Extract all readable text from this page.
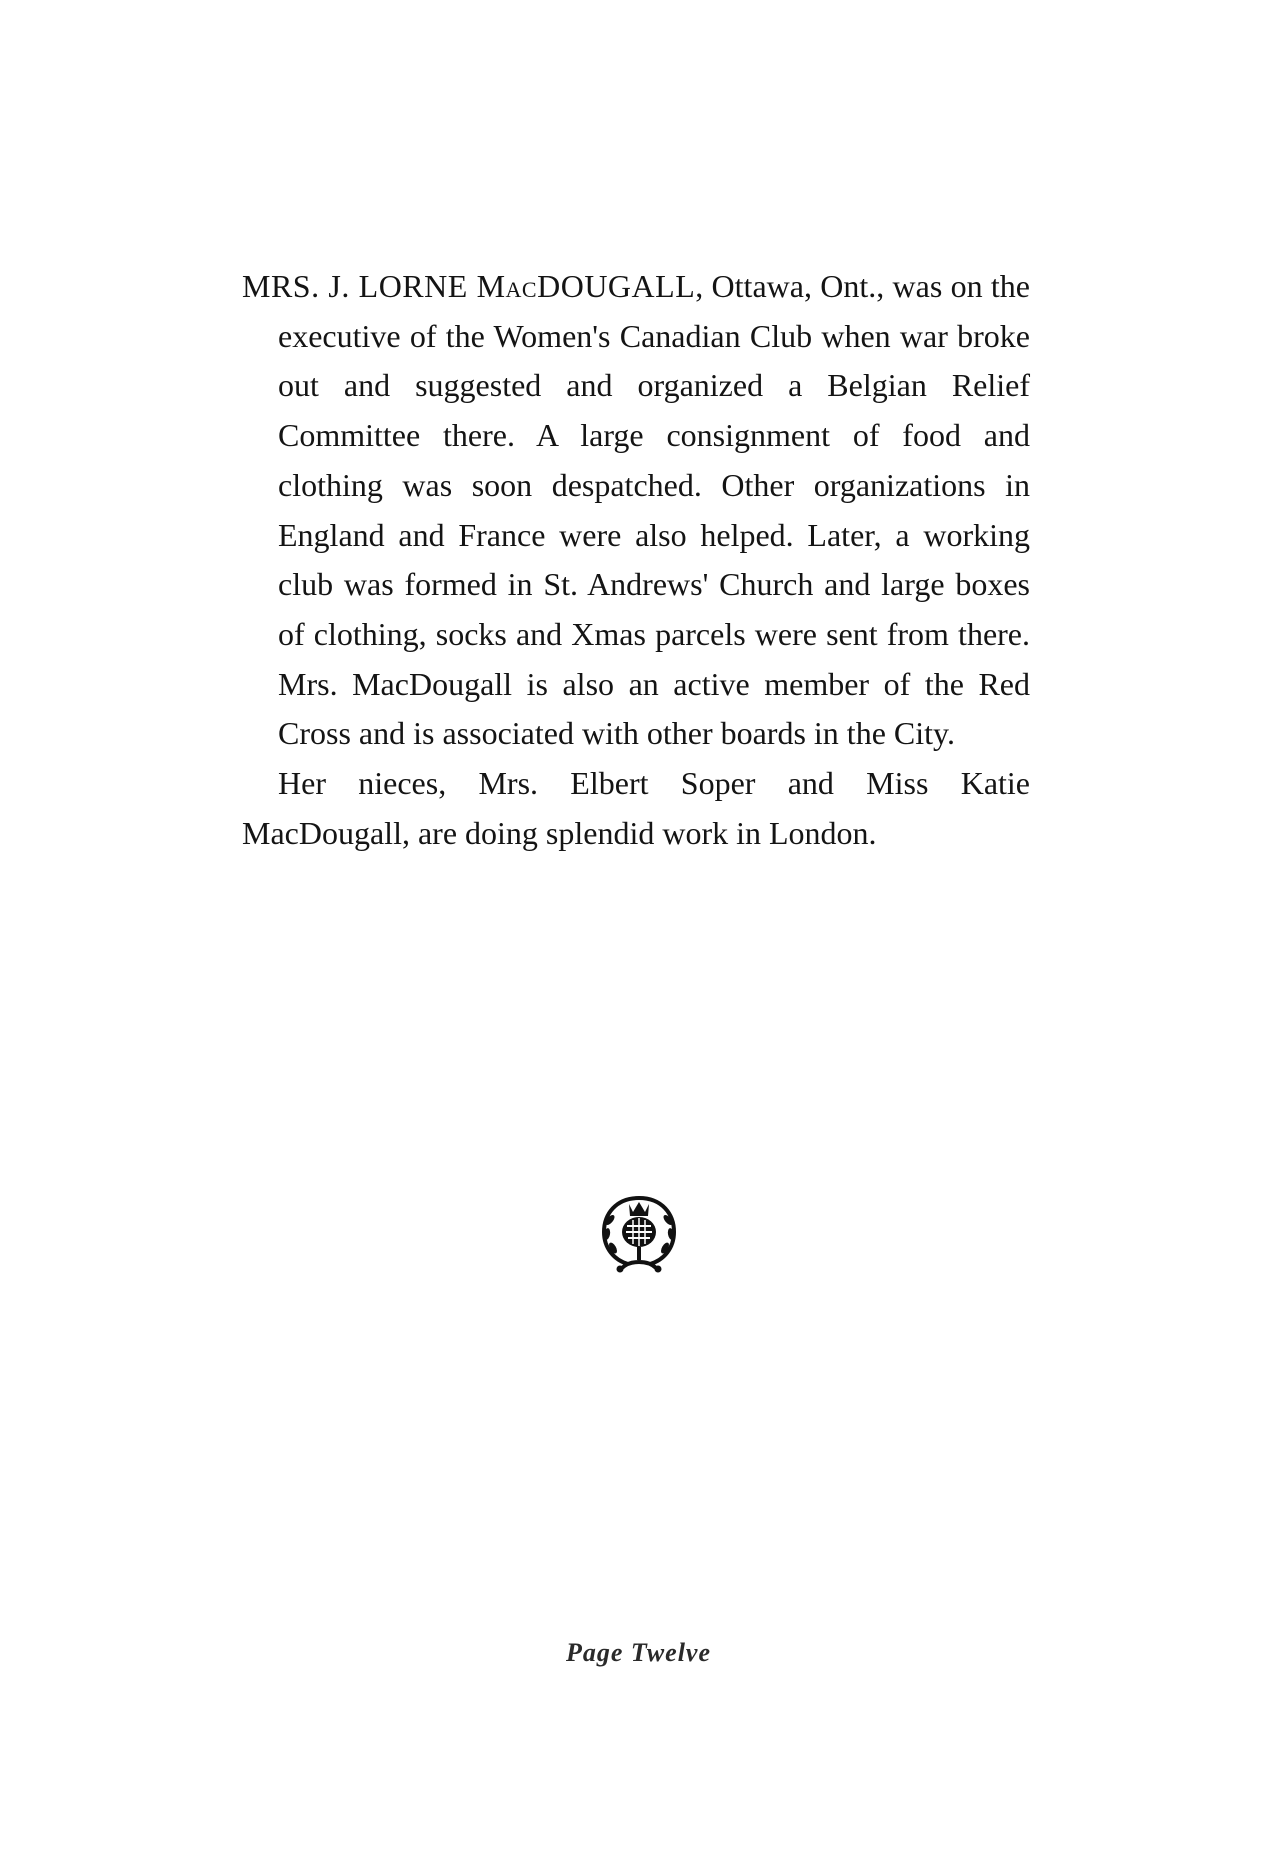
MRS. J. LORNE MacDOUGALL, Ottawa, Ont., was on the executive of the Women's Canadian Club when war broke out and suggested and organized a Belgian Relief Committee there. A large consignment of food and clothing was soon despatched. Other organizations in England and France were also helped. Later, a working club was formed in St. Andrews' Church and large boxes of clothing, socks and Xmas parcels were sent from there. Mrs. MacDougall is also an active member of the Red Cross and is associated with other boards in the City.

Her nieces, Mrs. Elbert Soper and Miss Katie MacDougall, are doing splendid work in London.

Page Twelve
